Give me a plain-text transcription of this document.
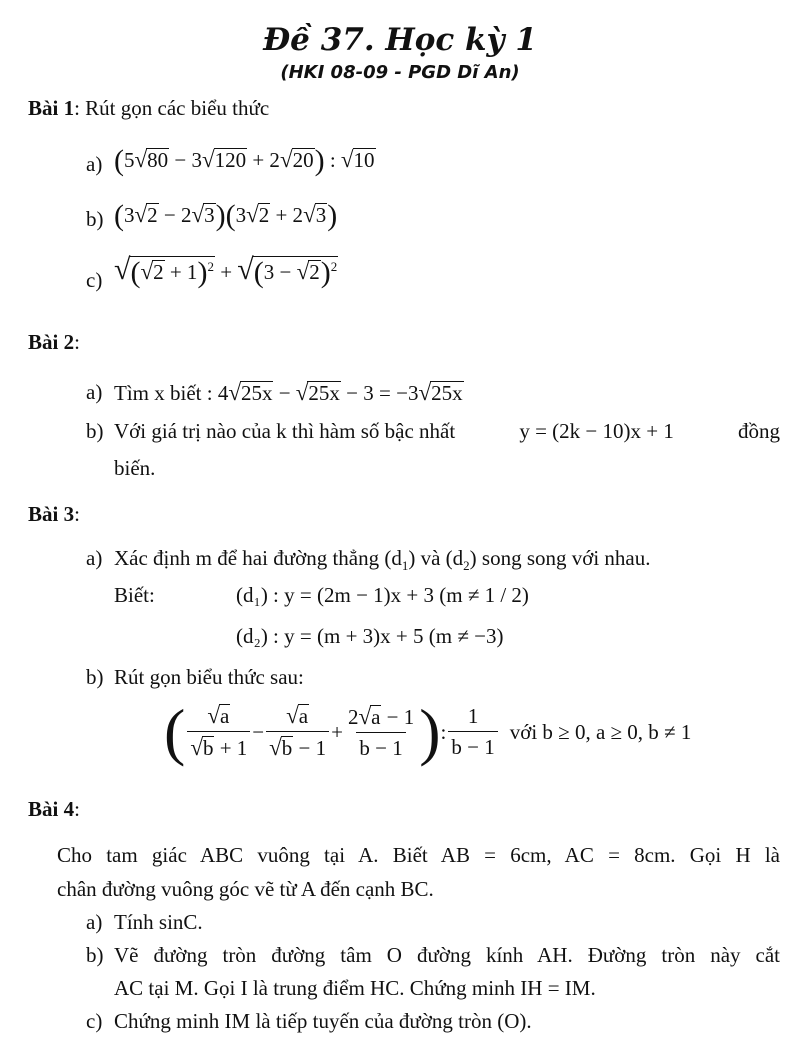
Đề 37. Học kỳ 1
(HKI 08-09 - PGD Dĩ An)
Bài 1: Rút gọn các biểu thức
a) (5√80 − 3√120 + 2√20) : √10
b) (3√2 − 2√3)(3√2 + 2√3)
c) $√(√2 + 1)^2 + √(3 - √2)^2$
Bài 2:
a) Tìm x biết : 4√25x − √25x − 3 = −3√25x
b) Với giá trị nào của k thì hàm số bậc nhất	y = (2k − 10)x + 1	đồng
biến.
Bài 3:
a) Xác định m để hai đường thẳng $(d_1)$ và $(d_2)$ song song với nhau.
Biết:	(d₁) : y = (2m − 1)x + 3 (m ≠ 1 / 2)
(d₂) : y = (m + 3)x + 5 (m ≠ −3)
b) Rút gọn biểu thức sau:
( $\frac{√a}{√b + 1} - \frac{√a}{√b - 1} + \frac{2√a - 1}{b - 1}$ ) : $\frac{1}{b - 1}$ với b ≥ 0, a ≥ 0, b ≠ 1
Bài 4:
Cho tam giác ABC vuông tại A. Biết AB = 6cm, AC = 8cm. Gọi H là
chân đường vuông góc vẽ từ A đến cạnh BC.
a) Tính sinC.
b) Vẽ đường tròn đường tâm O đường kính AH. Đường tròn này cắt
AC tại M. Gọi I là trung điểm HC. Chứng minh IH = IM.
c) Chứng minh IM là tiếp tuyến của đường tròn (O).
